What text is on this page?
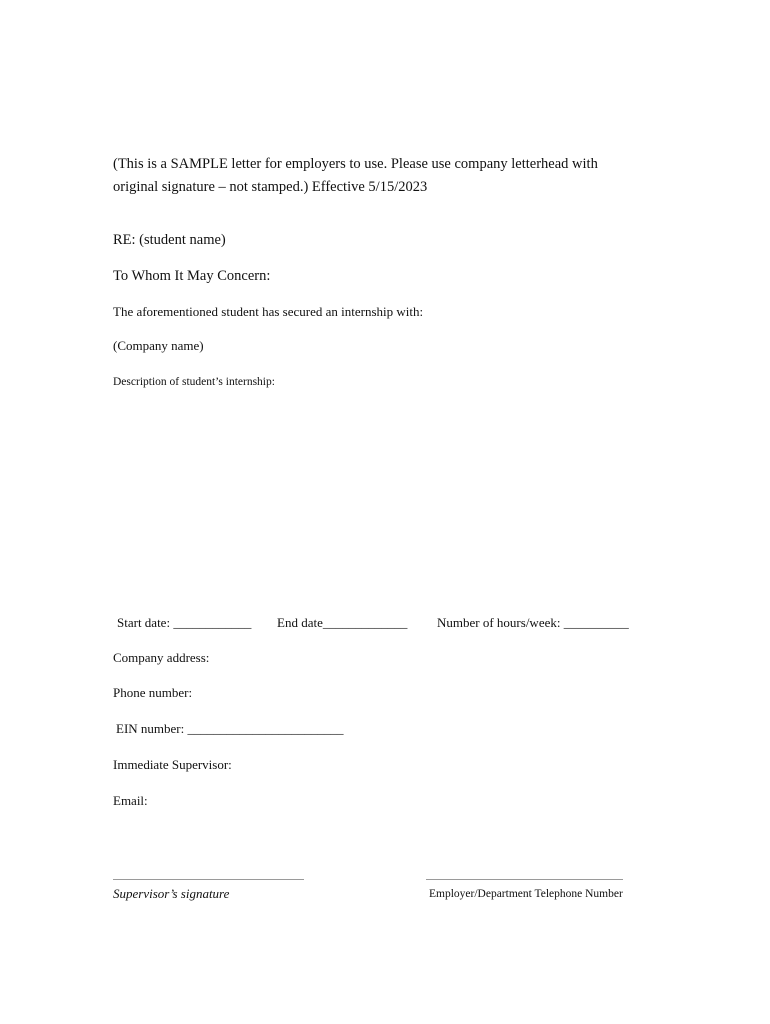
(This is a SAMPLE letter for employers to use. Please use company letterhead with
original signature – not stamped.) Effective 5/15/2023
RE: (student name)
To Whom It May Concern:
The aforementioned student has secured an internship with:
(Company name)
Description of student’s internship:
Start date: ____________ End date_____________ Number of hours/week: __________
Company address:
Phone number:
EIN number: ________________________
Immediate Supervisor:
Email:
Supervisor’s signature	Employer/Department Telephone Number
